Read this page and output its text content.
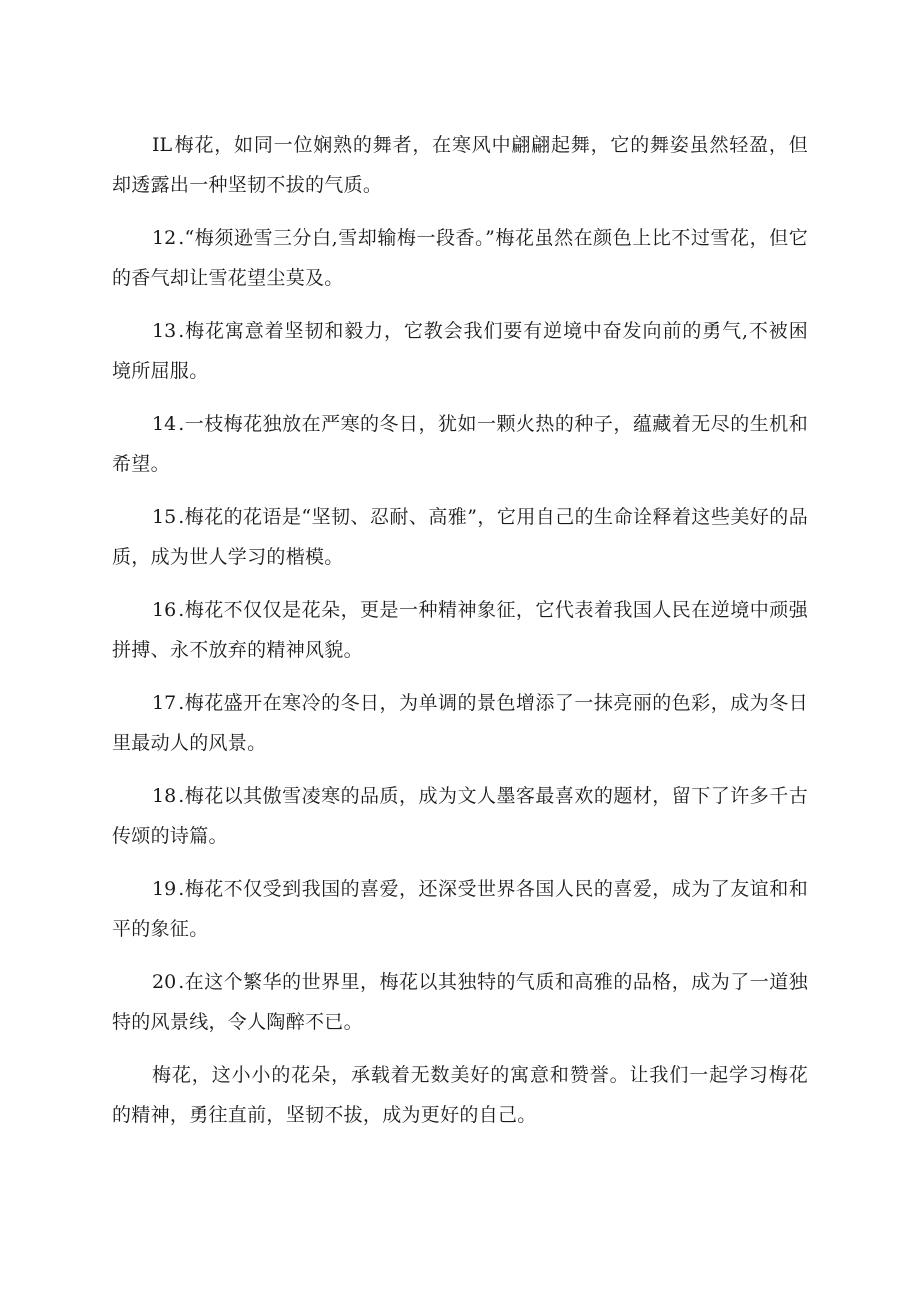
IL 梅花，如同一位娴熟的舞者，在寒风中翩翩起舞，它的舞姿虽然轻盈，但却透露出一种坚韧不拔的气质。

12 .“梅须逊雪三分白,雪却输梅一段香。”梅花虽然在颜色上比不过雪花，但它的香气却让雪花望尘莫及。

13 .梅花寓意着坚韧和毅力，它教会我们要有逆境中奋发向前的勇气,不被困境所屈服。

14 .一枝梅花独放在严寒的冬日，犹如一颗火热的种子，蕴藏着无尽的生机和希望。

15 .梅花的花语是“坚韧、忍耐、高雅”，它用自己的生命诠释着这些美好的品质，成为世人学习的楷模。

16 .梅花不仅仅是花朵，更是一种精神象征，它代表着我国人民在逆境中顽强拼搏、永不放弃的精神风貌。

17 .梅花盛开在寒冷的冬日，为单调的景色增添了一抹亮丽的色彩，成为冬日里最动人的风景。

18 .梅花以其傲雪凌寒的品质，成为文人墨客最喜欢的题材，留下了许多千古传颂的诗篇。

19 .梅花不仅受到我国的喜爱，还深受世界各国人民的喜爱，成为了友谊和和平的象征。

20 .在这个繁华的世界里，梅花以其独特的气质和高雅的品格，成为了一道独特的风景线，令人陶醉不已。

梅花，这小小的花朵，承载着无数美好的寓意和赞誉。让我们一起学习梅花的精神，勇往直前，坚韧不拔，成为更好的自己。
